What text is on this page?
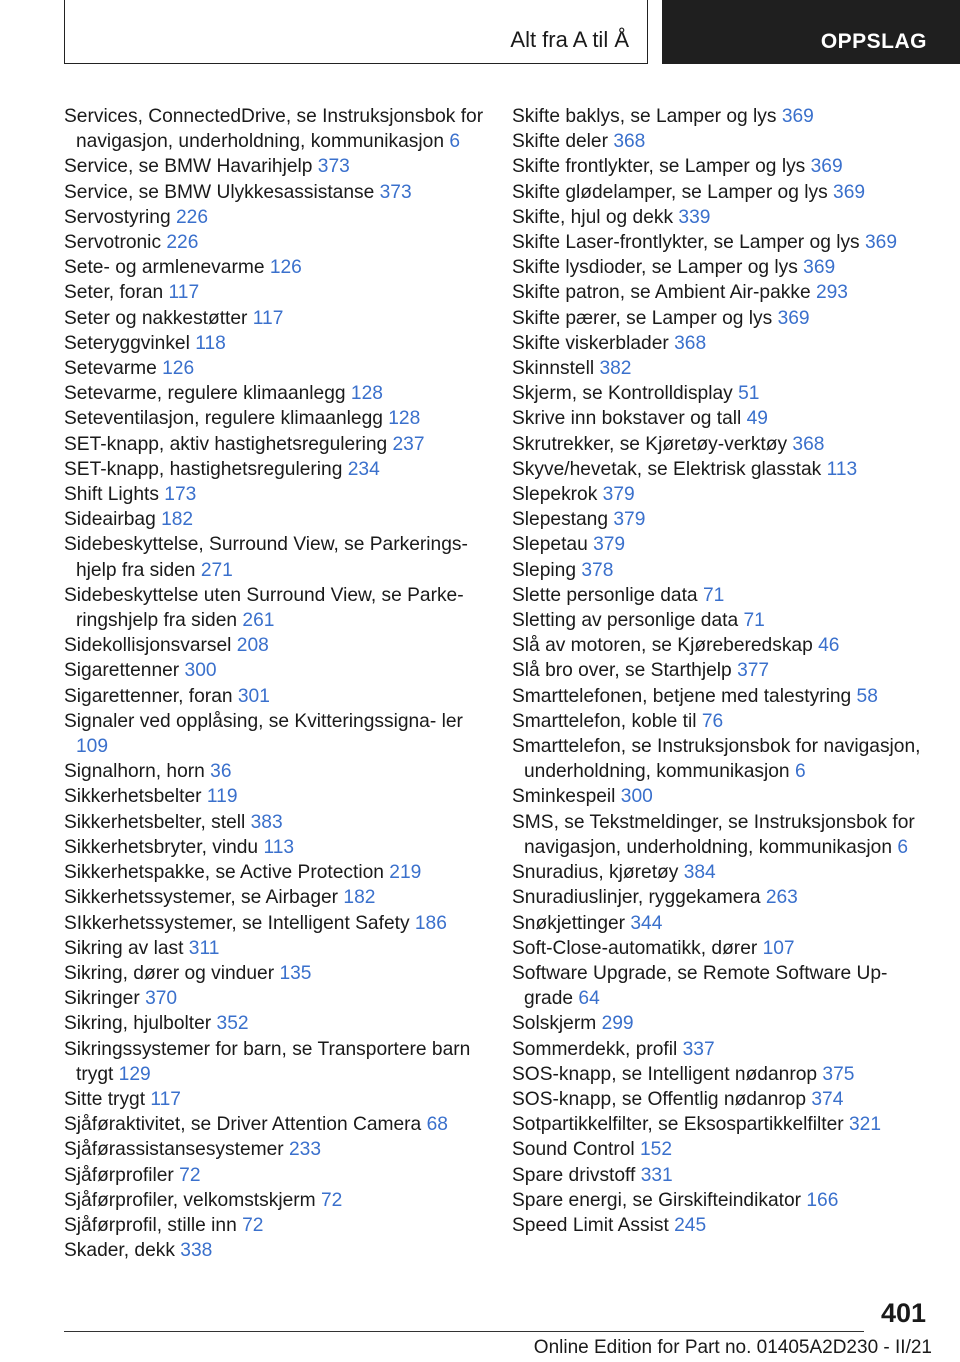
Alt fra A til Å	OPPSLAG
Services, ConnectedDrive, se Instruksjonsbok for navigasjon, underholdning, kommunikasjon 6
Service, se BMW Havarihjelp 373
Service, se BMW Ulykkesassistanse 373
Servostyring 226
Servotronic 226
Sete- og armlenevarme 126
Seter, foran 117
Seter og nakkestøtter 117
Seteryggvinkel 118
Setevarme 126
Setevarme, regulere klimaanlegg 128
Seteventilasjon, regulere klimaanlegg 128
SET-knapp, aktiv hastighetsregulering 237
SET-knapp, hastighetsregulering 234
Shift Lights 173
Sideairbag 182
Sidebeskyttelse, Surround View, se Parkerings‐ hjelp fra siden 271
Sidebeskyttelse uten Surround View, se Parke‐ ringshjelp fra siden 261
Sidekollisjonsvarsel 208
Sigarettenner 300
Sigarettenner, foran 301
Signaler ved opplåsing, se Kvitteringssigna‐ ler 109
Signalhorn, horn 36
Sikkerhetsbelter 119
Sikkerhetsbelter, stell 383
Sikkerhetsbryter, vindu 113
Sikkerhetspakke, se Active Protection 219
Sikkerhetssystemer, se Airbager 182
SIkkerhetssystemer, se Intelligent Safety 186
Sikring av last 311
Sikring, dører og vinduer 135
Sikringer 370
Sikring, hjulbolter 352
Sikringssystemer for barn, se Transportere barn trygt 129
Sitte trygt 117
Sjåføraktivitet, se Driver Attention Camera 68
Sjåførassistansesystemer 233
Sjåførprofiler 72
Sjåførprofiler, velkomstskjerm 72
Sjåførprofil, stille inn 72
Skader, dekk 338
Skifte baklys, se Lamper og lys 369
Skifte deler 368
Skifte frontlykter, se Lamper og lys 369
Skifte glødelamper, se Lamper og lys 369
Skifte, hjul og dekk 339
Skifte Laser-frontlykter, se Lamper og lys 369
Skifte lysdioder, se Lamper og lys 369
Skifte patron, se Ambient Air-pakke 293
Skifte pærer, se Lamper og lys 369
Skifte viskerblader 368
Skinnstell 382
Skjerm, se Kontrolldisplay 51
Skrive inn bokstaver og tall 49
Skrutrekker, se Kjøretøy-verktøy 368
Skyve/hevetak, se Elektrisk glasstak 113
Slepekrok 379
Slepestang 379
Slepetau 379
Sleping 378
Slette personlige data 71
Sletting av personlige data 71
Slå av motoren, se Kjøreberedskap 46
Slå bro over, se Starthjelp 377
Smarttelefonen, betjene med talestyring 58
Smarttelefon, koble til 76
Smarttelefon, se Instruksjonsbok for navigasjon, underholdning, kommunikasjon 6
Sminkespeil 300
SMS, se Tekstmeldinger, se Instruksjonsbok for navigasjon, underholdning, kommunikasjon 6
Snuradius, kjøretøy 384
Snuradiuslinjer, ryggekamera 263
Snøkjettinger 344
Soft-Close-automatikk, dører 107
Software Upgrade, se Remote Software Up‐ grade 64
Solskjerm 299
Sommerdekk, profil 337
SOS-knapp, se Intelligent nødanrop 375
SOS-knapp, se Offentlig nødanrop 374
Sotpartikkelfilter, se Eksospartikkelfilter 321
Sound Control 152
Spare drivstoff 331
Spare energi, se Girskifteindikator 166
Speed Limit Assist 245
401
Online Edition for Part no. 01405A2D230 - II/21
